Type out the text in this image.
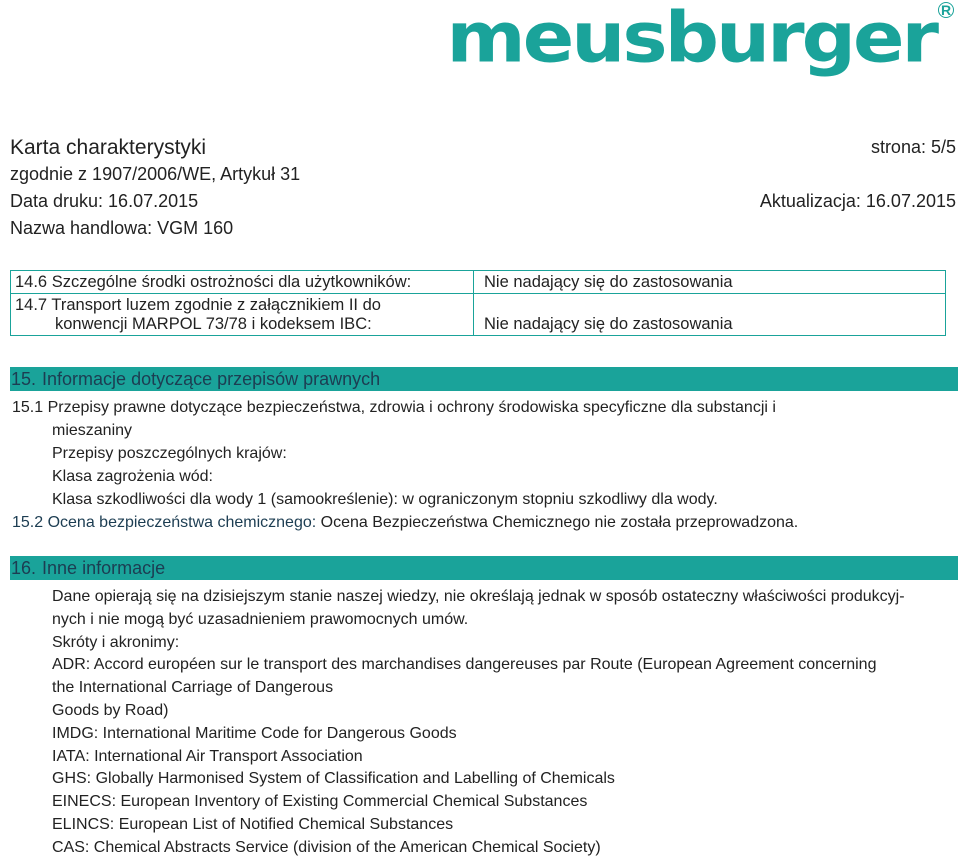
meusburger R
Karta charakterystyki	strona: 5/5
zgodnie z 1907/2006/WE, Artykuł 31
Data druku: 16.07.2015	Aktualizacja: 16.07.2015
Nazwa handlowa: VGM 160
14.6 Szczególne środki ostrożności dla użytkowników:	Nie nadający się do zastosowania
14.7 Transport luzem zgodnie z załącznikiem II do
konwencji MARPOL 73/78 i kodeksem IBC:	Nie nadający się do zastosowania
15. Informacje dotyczące przepisów prawnych
15.1 Przepisy prawne dotyczące bezpieczeństwa, zdrowia i ochrony środowiska specyficzne dla substancji i
mieszaniny
Przepisy poszczególnych krajów:
Klasa zagrożenia wód:
Klasa szkodliwości dla wody 1 (samookreślenie): w ograniczonym stopniu szkodliwy dla wody.
15.2 Ocena bezpieczeństwa chemicznego: Ocena Bezpieczeństwa Chemicznego nie została przeprowadzona.
16. Inne informacje
Dane opierają się na dzisiejszym stanie naszej wiedzy, nie określają jednak w sposób ostateczny właściwości produkcyj-
nych i nie mogą być uzasadnieniem prawomocnych umów.
Skróty i akronimy:
ADR: Accord européen sur le transport des marchandises dangereuses par Route (European Agreement concerning
the International Carriage of Dangerous
Goods by Road)
IMDG: International Maritime Code for Dangerous Goods
IATA: International Air Transport Association
GHS: Globally Harmonised System of Classification and Labelling of Chemicals
EINECS: European Inventory of Existing Commercial Chemical Substances
ELINCS: European List of Notified Chemical Substances
CAS: Chemical Abstracts Service (division of the American Chemical Society)
